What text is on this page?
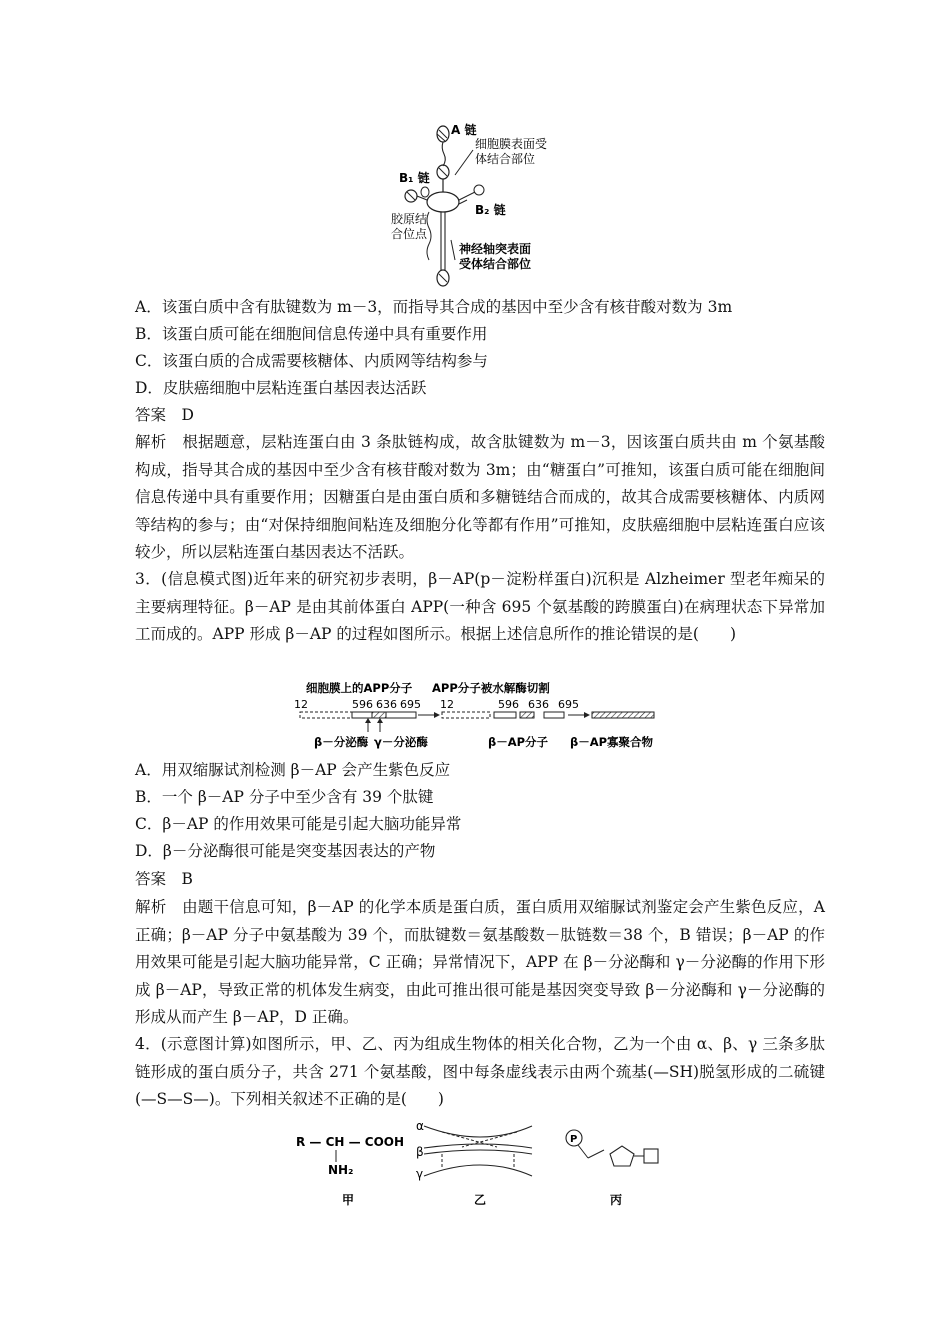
A 链
细胞膜表面受
体结合部位
B₁ 链
B₂ 链
胶原结
合位点
神经轴突表面
受体结合部位
A．该蛋白质中含有肽键数为 m－3，而指导其合成的基因中至少含有核苷酸对数为 3m
B．该蛋白质可能在细胞间信息传递中具有重要作用
C．该蛋白质的合成需要核糖体、内质网等结构参与
D．皮肤癌细胞中层粘连蛋白基因表达活跃
答案　D
解析　根据题意，层粘连蛋白由 3 条肽链构成，故含肽键数为 m－3，因该蛋白质共由 m 个氨基酸构成，指导其合成的基因中至少含有核苷酸对数为 3m；由“糖蛋白”可推知，该蛋白质可能在细胞间信息传递中具有重要作用；因糖蛋白是由蛋白质和多糖链结合而成的，故其合成需要核糖体、内质网等结构的参与；由“对保持细胞间粘连及细胞分化等都有作用”可推知，皮肤癌细胞中层粘连蛋白应该较少，所以层粘连蛋白基因表达不活跃。
3．(信息模式图)近年来的研究初步表明，β－AP(p－淀粉样蛋白)沉积是 Alzheimer 型老年痴呆的主要病理特征。β－AP 是由其前体蛋白 APP(一种含 695 个氨基酸的跨膜蛋白)在病理状态下异常加工而成的。APP 形成 β－AP 的过程如图所示。根据上述信息所作的推论错误的是(　　)
细胞膜上的APP分子 APP分子被水解酶切割
12	596 636 695 12	596 636 695
β－分泌酶 γ－分泌酶	β－AP分子 β－AP寡聚合物
A．用双缩脲试剂检测 β－AP 会产生紫色反应
B．一个 β－AP 分子中至少含有 39 个肽键
C．β－AP 的作用效果可能是引起大脑功能异常
D．β－分泌酶很可能是突变基因表达的产物
答案　B
解析　由题干信息可知，β－AP 的化学本质是蛋白质，蛋白质用双缩脲试剂鉴定会产生紫色反应，A 正确；β－AP 分子中氨基酸为 39 个，而肽键数＝氨基酸数－肽链数＝38 个，B 错误；β－AP 的作用效果可能是引起大脑功能异常，C 正确；异常情况下，APP 在 β－分泌酶和 γ－分泌酶的作用下形成 β－AP，导致正常的机体发生病变，由此可推出很可能是基因突变导致 β－分泌酶和 γ－分泌酶的形成从而产生 β－AP，D 正确。
4．(示意图计算)如图所示，甲、乙、丙为组成生物体的相关化合物，乙为一个由 α、β、γ 三条多肽链形成的蛋白质分子，共含 271 个氨基酸，图中每条虚线表示由两个巯基(—SH)脱氢形成的二硫键(—S—S—)。下列相关叙述不正确的是(　　)
R — CH — COOH
NH₂
甲
α
β
γ
乙
P
丙
